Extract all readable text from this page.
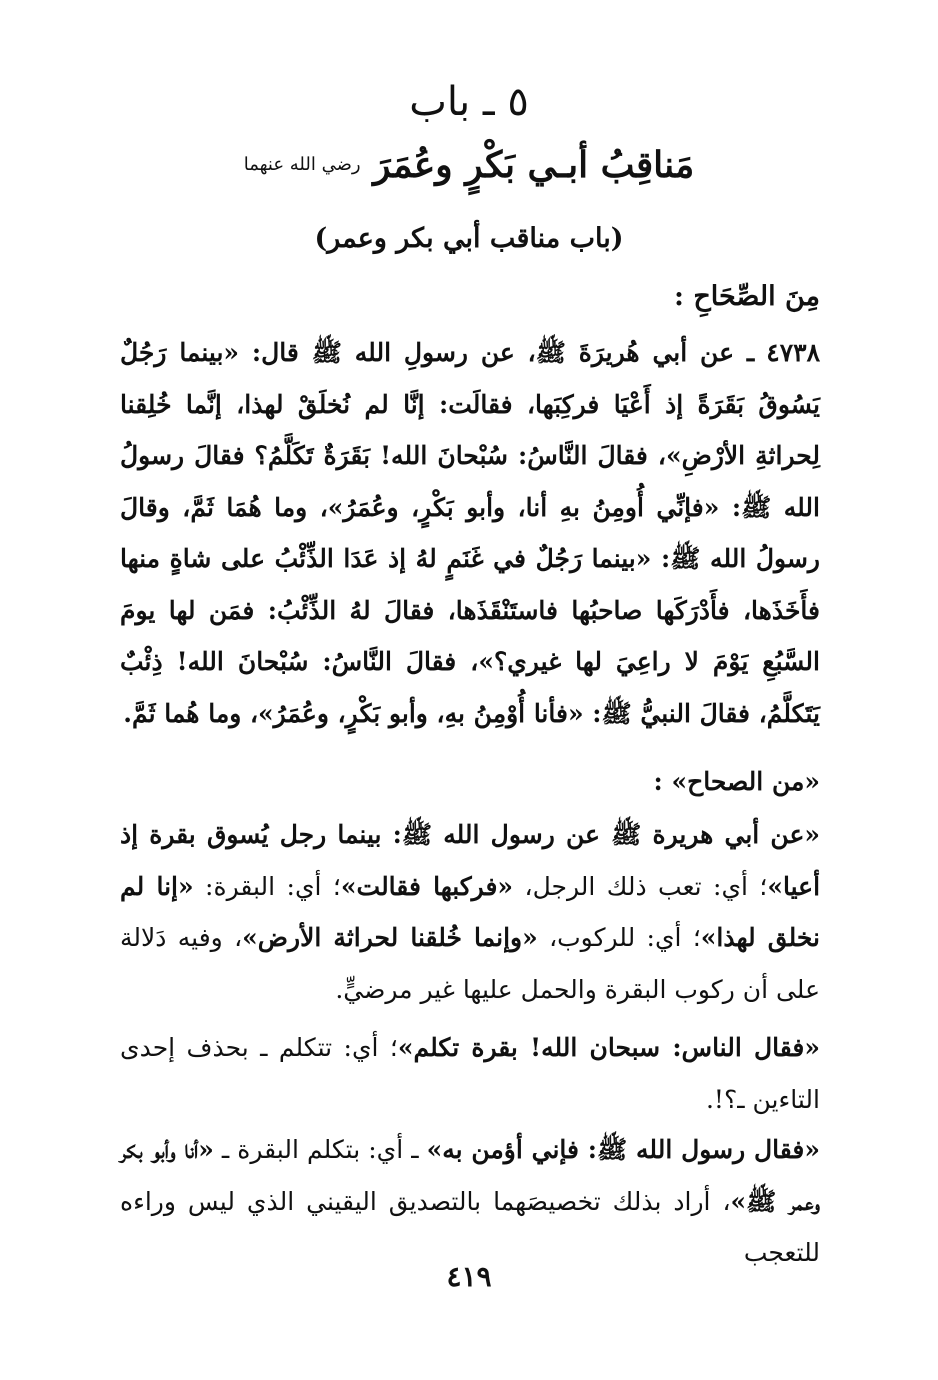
٥ ـ باب
مَناقِبُ أبـي بَكْرٍ وعُمَرَ $^{رضي الله عنهما}$
(باب مناقب أبي بكر وعمر)
مِنَ الصِّحَاحِ :
٤٧٣٨ ـ عن أبي هُريرَةَ ﷺ، عن رسولِ الله ﷺ قال: «بينما رَجُلٌ يَسُوقُ بَقَرَةً إذ أَعْيَا فركِبَها، فقالَت: إنَّا لم نُخلَقْ لهذا، إنَّما خُلِقنا لِحراثةِ الأرْضِ»، فقالَ النَّاسُ: سُبْحانَ الله! بَقَرَةٌ تَكَلَّمُ؟ فقالَ رسولُ الله ﷺ: «فإنِّي أُومِنُ بهِ أنا، وأبو بَكْرٍ، وعُمَرُ»، وما هُمَا ثَمَّ، وقالَ رسولُ الله ﷺ: «بينما رَجُلٌ في غَنَمٍ لهُ إذ عَدَا الذِّئْبُ على شاةٍ منها فأَخَذَها، فأَدْرَكَها صاحبُها فاستَنْقَذَها، فقالَ لهُ الذِّئْبُ: فمَن لها يومَ السَّبُعِ يَوْمَ لا راعِيَ لها غيري؟»، فقالَ النَّاسُ: سُبْحانَ الله! ذِئْبٌ يَتَكلَّمُ، فقالَ النبيُّ ﷺ: «فأنا أُوْمِنُ بهِ، وأبو بَكْرٍ، وعُمَرُ»، وما هُما ثَمَّ.
«من الصحاح» :
«عن أبي هريرة ﷺ عن رسول الله ﷺ: بينما رجل يُسوق بقرة إذ أعيا»؛ أي: تعب ذلك الرجل، «فركبها فقالت»؛ أي: البقرة: «إنا لم نخلق لهذا»؛ أي: للركوب، «وإنما خُلقنا لحراثة الأرض»، وفيه دَلالة على أن ركوب البقرة والحمل عليها غير مرضيٍّ.
«فقال الناس: سبحان الله! بقرة تكلم»؛ أي: تتكلم ـ بحذف إحدى التاءين ـ؟!.
«فقال رسول الله ﷺ: فإني أؤمن به» ـ أي: بتكلم البقرة ـ «أنا وأبو بكر وعمر ﷺ»، أراد بذلك تخصيصَهما بالتصديق اليقيني الذي ليس وراءه للتعجب
٤١٩
